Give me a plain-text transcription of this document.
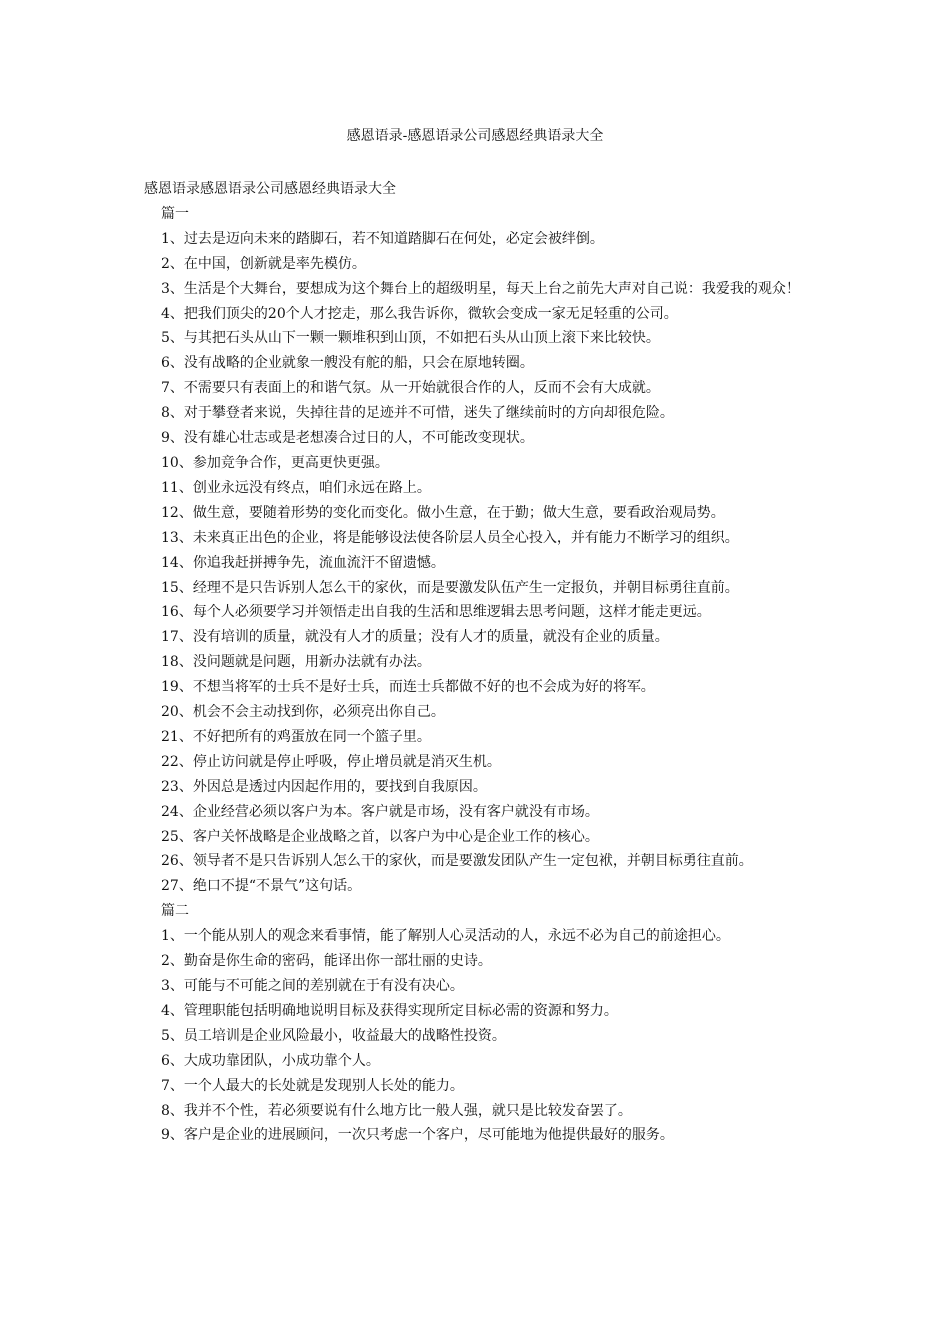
感恩语录-感恩语录公司感恩经典语录大全

感恩语录感恩语录公司感恩经典语录大全

篇一

1、过去是迈向未来的踏脚石，若不知道踏脚石在何处，必定会被绊倒。

2、在中国，创新就是率先模仿。

3、生活是个大舞台，要想成为这个舞台上的超级明星，每天上台之前先大声对自己说：我爱我的观众！

4、把我们顶尖的20个人才挖走，那么我告诉你，微软会变成一家无足轻重的公司。

5、与其把石头从山下一颗一颗堆积到山顶，不如把石头从山顶上滚下来比较快。

6、没有战略的企业就象一艘没有舵的船，只会在原地转圈。

7、不需要只有表面上的和谐气氛。从一开始就很合作的人，反而不会有大成就。

8、对于攀登者来说，失掉往昔的足迹并不可惜，迷失了继续前时的方向却很危险。

9、没有雄心壮志或是老想凑合过日的人，不可能改变现状。

10、参加竞争合作，更高更快更强。

11、创业永远没有终点，咱们永远在路上。

12、做生意，要随着形势的变化而变化。做小生意，在于勤；做大生意，要看政治观局势。

13、未来真正出色的企业，将是能够设法使各阶层人员全心投入，并有能力不断学习的组织。

14、你追我赶拼搏争先，流血流汗不留遗憾。

15、经理不是只告诉别人怎么干的家伙，而是要激发队伍产生一定报负，并朝目标勇往直前。

16、每个人必须要学习并领悟走出自我的生活和思维逻辑去思考问题，这样才能走更远。

17、没有培训的质量，就没有人才的质量；没有人才的质量，就没有企业的质量。

18、没问题就是问题，用新办法就有办法。

19、不想当将军的士兵不是好士兵，而连士兵都做不好的也不会成为好的将军。

20、机会不会主动找到你，必须亮出你自己。

21、不好把所有的鸡蛋放在同一个篮子里。

22、停止访问就是停止呼吸，停止增员就是消灭生机。

23、外因总是透过内因起作用的，要找到自我原因。

24、企业经营必须以客户为本。客户就是市场，没有客户就没有市场。

25、客户关怀战略是企业战略之首，以客户为中心是企业工作的核心。

26、领导者不是只告诉别人怎么干的家伙，而是要激发团队产生一定包袱，并朝目标勇往直前。

27、绝口不提“不景气”这句话。

篇二

1、一个能从别人的观念来看事情，能了解别人心灵活动的人，永远不必为自己的前途担心。

2、勤奋是你生命的密码，能译出你一部壮丽的史诗。

3、可能与不可能之间的差别就在于有没有决心。

4、管理职能包括明确地说明目标及获得实现所定目标必需的资源和努力。

5、员工培训是企业风险最小，收益最大的战略性投资。

6、大成功靠团队，小成功靠个人。

7、一个人最大的长处就是发现别人长处的能力。

8、我并不个性，若必须要说有什么地方比一般人强，就只是比较发奋罢了。

9、客户是企业的进展顾问，一次只考虑一个客户，尽可能地为他提供最好的服务。
